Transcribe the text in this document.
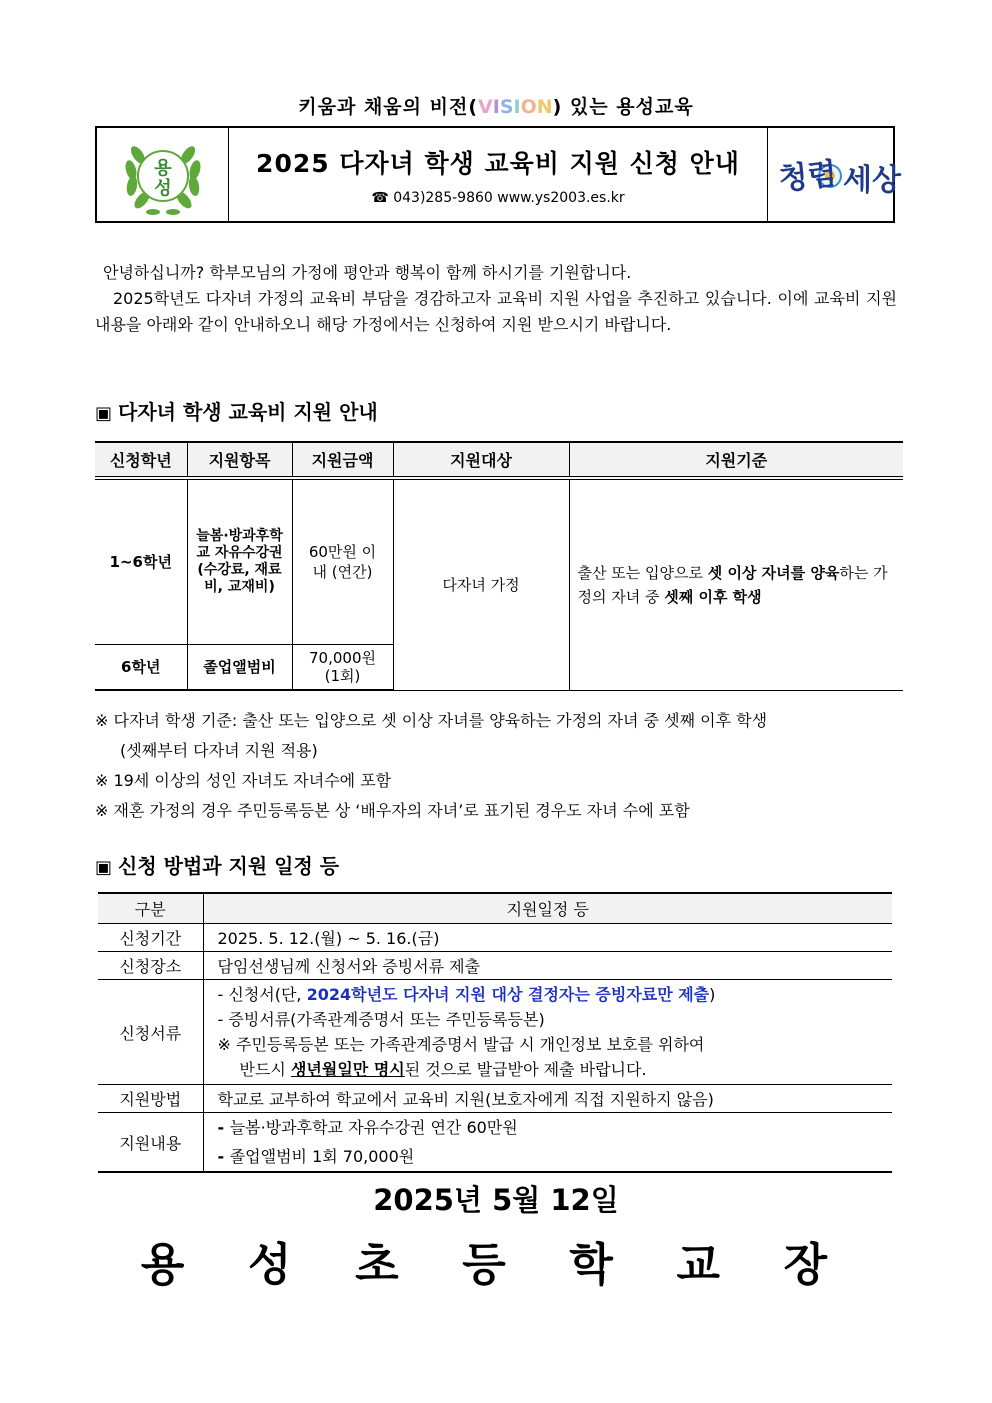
키움과 채움의 비전(VISION) 있는 용성교육
용
성
2025 다자녀 학생 교육비 지원 신청 안내
☎ 043)285-9860 www.ys2003.es.kr
청렴 세상

안녕하십니까? 학부모님의 가정에 평안과 행복이 함께 하시기를 기원합니다.

2025학년도 다자녀 가정의 교육비 부담을 경감하고자 교육비 지원 사업을 추진하고 있습니다. 이에 교육비 지원내용을 아래와 같이 안내하오니 해당 가정에서는 신청하여 지원 받으시기 바랍니다.

▣ 다자녀 학생 교육비 지원 안내
신청학년	지원항목	지원금액	지원대상	지원기준
1~6학년	늘봄·방과후학교 자유수강권 (수강료, 재료비, 교재비)	60만원 이내 (연간)	다자녀 가정	출산 또는 입양으로 셋 이상 자녀를 양육하는 가정의 자녀 중 셋째 이후 학생
6학년	졸업앨범비	70,000원 (1회)		
※ 다자녀 학생 기준: 출산 또는 입양으로 셋 이상 자녀를 양육하는 가정의 자녀 중 셋째 이후 학생
(셋째부터 다자녀 지원 적용)
※ 19세 이상의 성인 자녀도 자녀수에 포함
※ 재혼 가정의 경우 주민등록등본 상 ‘배우자의 자녀’로 표기된 경우도 자녀 수에 포함
▣ 신청 방법과 지원 일정 등
구분	지원일정 등
신청기간	2025. 5. 12.(월) ~ 5. 16.(금)
신청장소	담임선생님께 신청서와 증빙서류 제출
신청서류	- 신청서(단, 2024학년도 다자녀 지원 대상 결정자는 증빙자료만 제출)
- 증빙서류(가족관계증명서 또는 주민등록등본)
※ 주민등록등본 또는 가족관계증명서 발급 시 개인정보 보호를 위하여
반드시 생년월일만 명시된 것으로 발급받아 제출 바랍니다.

지원방법	학교로 교부하여 학교에서 교육비 지원(보호자에게 직접 지원하지 않음)
지원내용	- 늘봄·방과후학교 자유수강권 연간 60만원
- 졸업앨범비 1회 70,000원
2025년 5월 12일
용 성 초 등 학 교 장
